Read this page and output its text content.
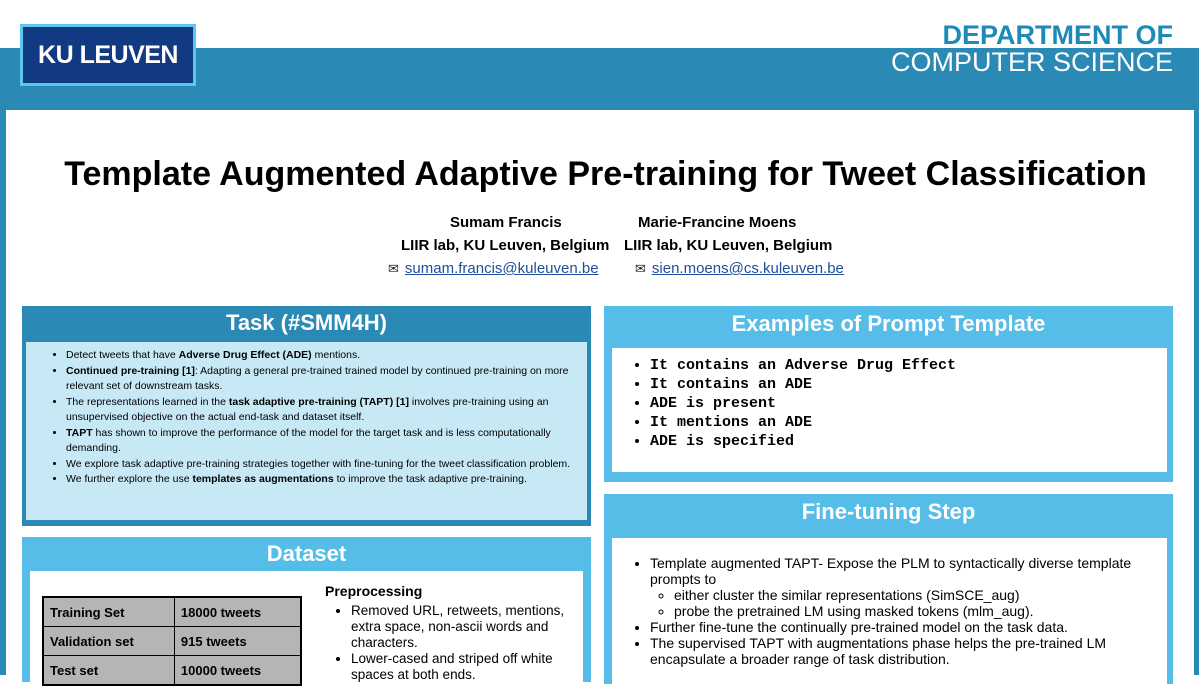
KU LEUVEN
DEPARTMENT OF
COMPUTER SCIENCE
Template Augmented Adaptive Pre-training for Tweet Classification
Sumam Francis	Marie-Francine Moens
LIIR lab, KU Leuven, Belgium LIIR lab, KU Leuven, Belgium
✉ sumam.francis@kuleuven.be	✉ sien.moens@cs.kuleuven.be
Task (#SMM4H)
• Detect tweets that have Adverse Drug Effect (ADE) mentions.
• Continued pre-training [1]: Adapting a general pre-trained trained model by continued pre-training on more relevant set of downstream tasks.
• The representations learned in the task adaptive pre-training (TAPT) [1] involves pre-training using an unsupervised objective on the actual end-task and dataset itself.
• TAPT has shown to improve the performance of the model for the target task and is less computationally demanding.
• We explore task adaptive pre-training strategies together with fine-tuning for the tweet classification problem.
• We further explore the use templates as augmentations to improve the task adaptive pre-training.
Examples of Prompt Template
• It contains an Adverse Drug Effect
• It contains an ADE
• ADE is present
• It mentions an ADE
• ADE is specified
Fine-tuning Step
• Template augmented TAPT- Expose the PLM to syntactically diverse template prompts to
◦ either cluster the similar representations (SimSCE_aug)
◦ probe the pretrained LM using masked tokens (mlm_aug).
• Further fine-tune the continually pre-trained model on the task data.
• The supervised TAPT with augmentations phase helps the pre-trained LM encapsulate a broader range of task distribution.
Dataset
Training Set	18000 tweets
Validation set	915 tweets
Test set	10000 tweets
Preprocessing
• Removed URL, retweets, mentions, extra space, non-ascii words and characters.
• Lower-cased and striped off white spaces at both ends.
